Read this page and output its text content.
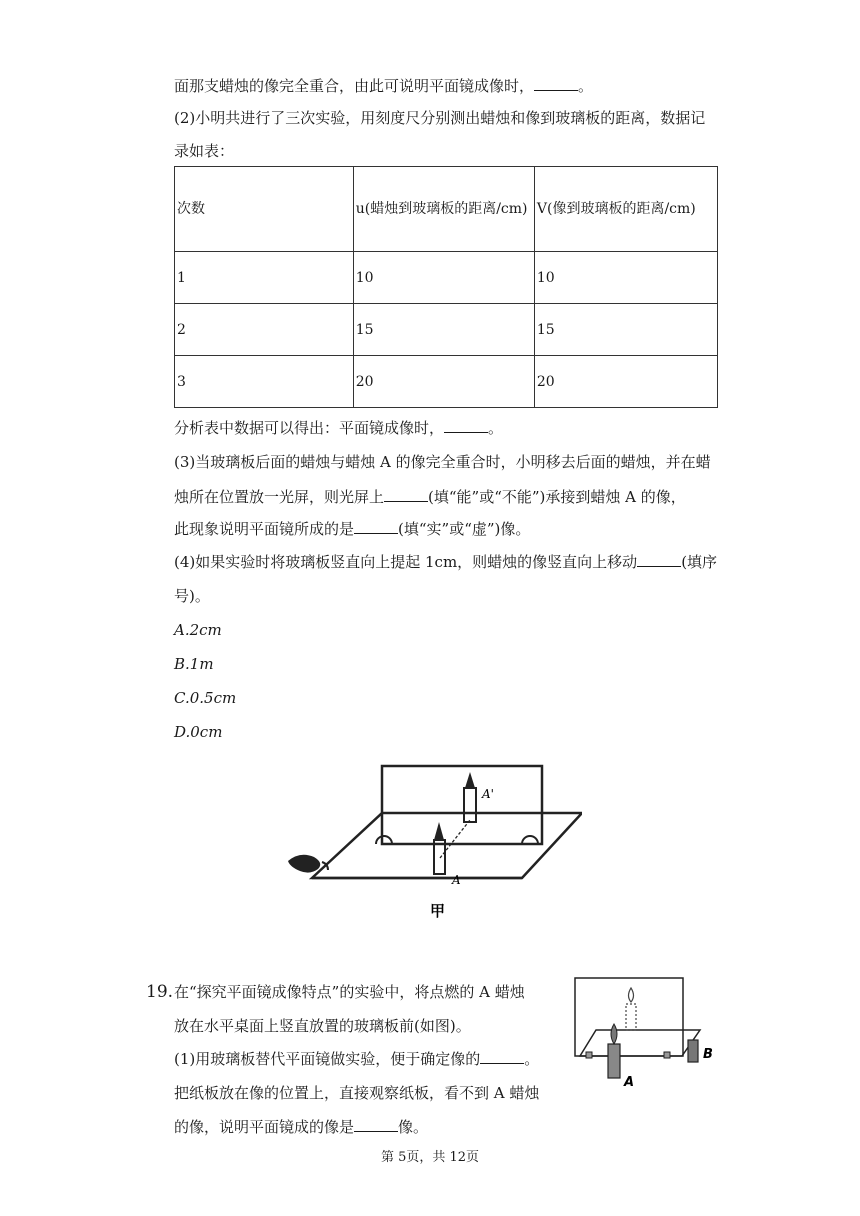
面那支蜡烛的像完全重合，由此可说明平面镜成像时，	。
(2)小明共进行了三次实验，用刻度尺分别测出蜡烛和像到玻璃板的距离，数据记
录如表：
次数	u(蜡烛到玻璃板的距离/cm)	V(像到玻璃板的距离/cm)
1	10	10
2	15	15
3	20	20
分析表中数据可以得出：平面镜成像时，	。
(3)当玻璃板后面的蜡烛与蜡烛 A 的像完全重合时，小明移去后面的蜡烛，并在蜡
烛所在位置放一光屏，则光屏上	(填“能”或“不能”)承接到蜡烛 A 的像，
此现象说明平面镜所成的是	(填“实”或“虚”)像。
(4)如果实验时将玻璃板竖直向上提起 1cm，则蜡烛的像竖直向上移动	(填序
号)。
A.2cm
B.1m
C.0.5cm
D.0cm
A'
A
甲
19. 在“探究平面镜成像特点”的实验中，将点燃的 A 蜡烛
放在水平桌面上竖直放置的玻璃板前(如图)。
(1)用玻璃板替代平面镜做实验，便于确定像的	。
把纸板放在像的位置上，直接观察纸板，看不到 A 蜡烛
的像，说明平面镜成的像是	像。
B
A
第 5页，共 12页
